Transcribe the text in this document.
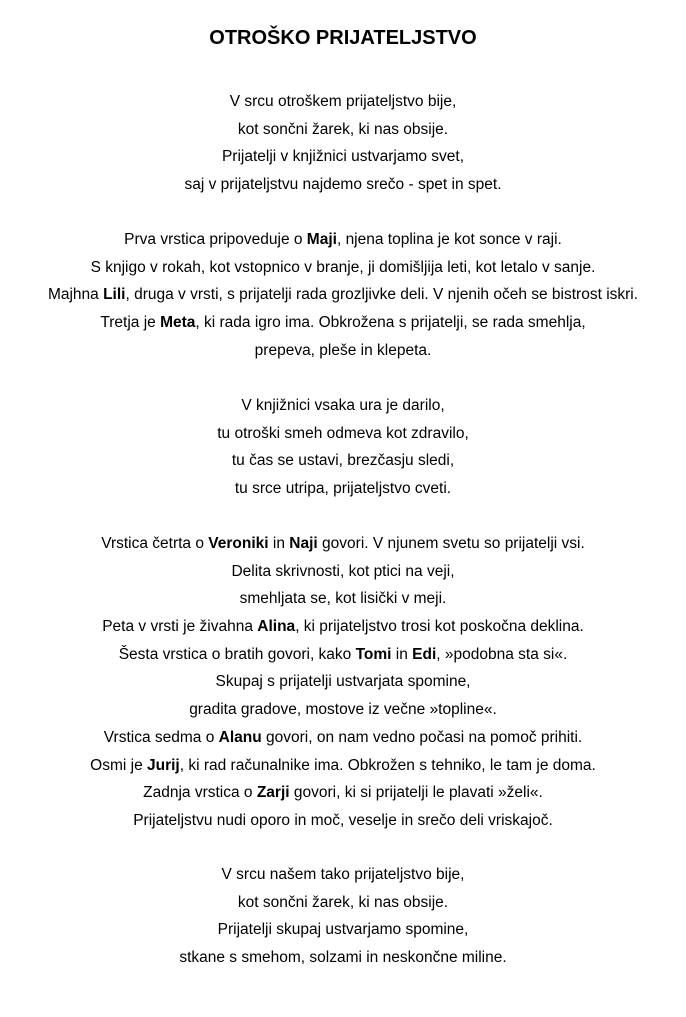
OTROŠKO PRIJATELJSTVO
V srcu otroškem prijateljstvo bije,
kot sončni žarek, ki nas obsije.
Prijatelji v knjižnici ustvarjamo svet,
saj v prijateljstvu najdemo srečo - spet in spet.
Prva vrstica pripoveduje o Maji, njena toplina je kot sonce v raji.
S knjigo v rokah, kot vstopnico v branje, ji domišljija leti, kot letalo v sanje.
Majhna Lili, druga v vrsti, s prijatelji rada grozljivke deli. V njenih očeh se bistrost iskri.
Tretja je Meta, ki rada igro ima. Obkrožena s prijatelji, se rada smehlja,
prepeva, pleše in klepeta.
V knjižnici vsaka ura je darilo,
tu otroški smeh odmeva kot zdravilo,
tu čas se ustavi, brezčasju sledi,
tu srce utripa, prijateljstvo cveti.
Vrstica četrta o Veroniki in Naji govori. V njunem svetu so prijatelji vsi.
Delita skrivnosti, kot ptici na veji,
smehljata se, kot lisički v meji.
Peta v vrsti je živahna Alina, ki prijateljstvo trosi kot poskočna deklina.
Šesta vrstica o bratih govori, kako Tomi in Edi, »podobna sta si«.
Skupaj s prijatelji ustvarjata spomine,
gradita gradove, mostove iz večne »topline«.
Vrstica sedma o Alanu govori, on nam vedno počasi na pomoč prihiti.
Osmi je Jurij, ki rad računalnike ima. Obkrožen s tehniko, le tam je doma.
Zadnja vrstica o Zarji govori, ki si prijatelji le plavati »želi«.
Prijateljstvu nudi oporo in moč, veselje in srečo deli vriskajoč.
V srcu našem tako prijateljstvo bije,
kot sončni žarek, ki nas obsije.
Prijatelji skupaj ustvarjamo spomine,
stkane s smehom, solzami in neskončne miline.
